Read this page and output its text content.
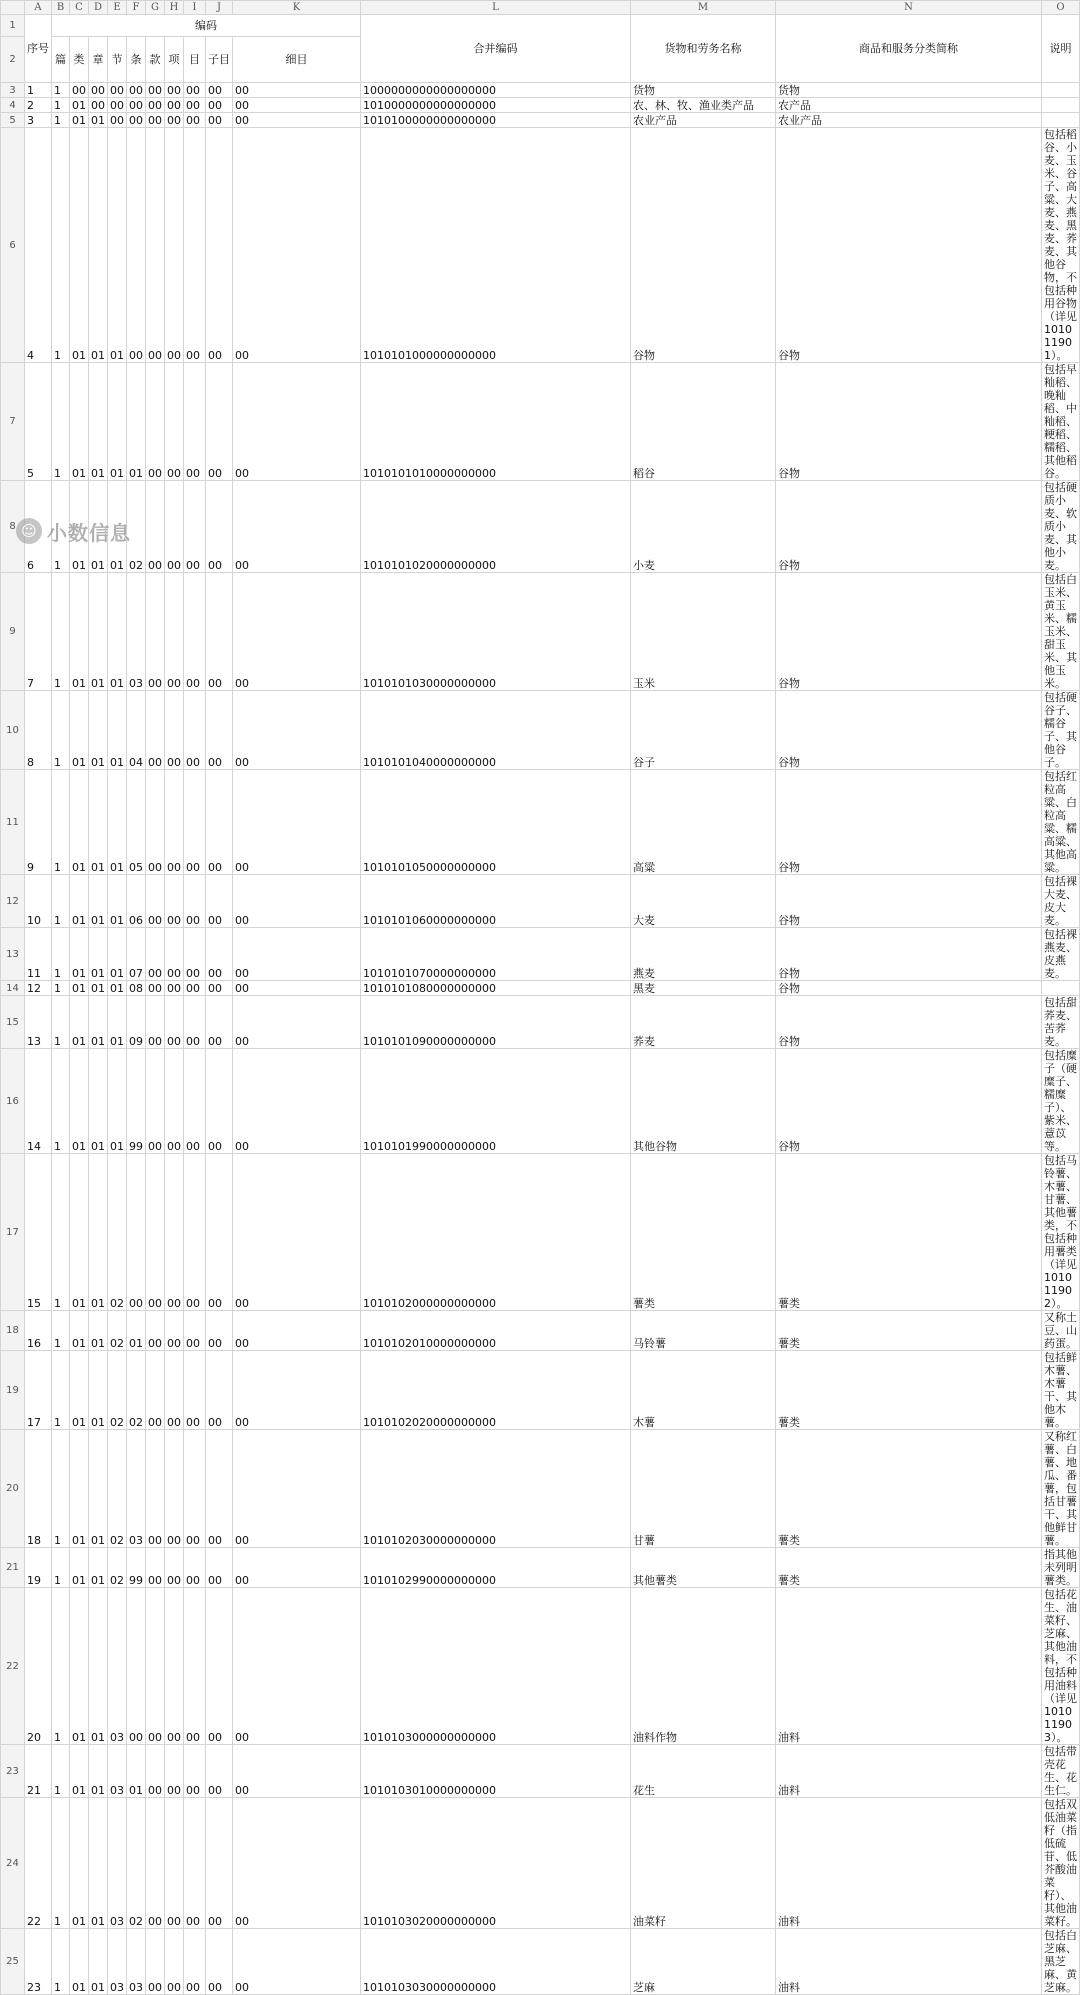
	A	B	C	D	E	F	G	H	I	J	K	L	M	N	O
1	序号	编码										合并编码	货物和劳务名称	商品和服务分类简称	说明
2		篇	类	章	节	条	款	项	目	子目	细目				
3	1	1	00	00	00	00	00	00	00	00	00	1000000000000000000	货物	货物	
4	2	1	01	00	00	00	00	00	00	00	00	1010000000000000000	农、林、牧、渔业类产品	农产品	
5	3	1	01	01	00	00	00	00	00	00	00	1010100000000000000	农业产品	农业产品	
6	4	1	01	01	01	00	00	00	00	00	00	1010101000000000000	谷物	谷物	包括稻谷、小麦、玉米、谷子、高粱、大麦、燕麦、黑麦、荞麦、其他谷物，不包括种用谷物（详见101011901）。
7	5	1	01	01	01	01	00	00	00	00	00	1010101010000000000	稻谷	谷物	包括早籼稻、晚籼稻、中籼稻、粳稻、糯稻、其他稻谷。
8	6	1	01	01	01	02	00	00	00	00	00	1010101020000000000	小麦	谷物	包括硬质小麦、软质小麦、其他小麦。
9	7	1	01	01	01	03	00	00	00	00	00	1010101030000000000	玉米	谷物	包括白玉米、黄玉米、糯玉米、甜玉米、其他玉米。
10	8	1	01	01	01	04	00	00	00	00	00	1010101040000000000	谷子	谷物	包括硬谷子、糯谷子、其他谷子。
11	9	1	01	01	01	05	00	00	00	00	00	1010101050000000000	高粱	谷物	包括红粒高粱、白粒高粱、糯高粱、其他高粱。
12	10	1	01	01	01	06	00	00	00	00	00	1010101060000000000	大麦	谷物	包括裸大麦、皮大麦。
13	11	1	01	01	01	07	00	00	00	00	00	1010101070000000000	燕麦	谷物	包括裸燕麦、皮燕麦。
14	12	1	01	01	01	08	00	00	00	00	00	1010101080000000000	黑麦	谷物	
15	13	1	01	01	01	09	00	00	00	00	00	1010101090000000000	荞麦	谷物	包括甜荞麦、苦荞麦。
16	14	1	01	01	01	99	00	00	00	00	00	1010101990000000000	其他谷物	谷物	包括糜子（硬糜子、糯糜子）、紫米、薏苡等。
17	15	1	01	01	02	00	00	00	00	00	00	1010102000000000000	薯类	薯类	包括马铃薯、木薯、甘薯、其他薯类，不包括种用薯类（详见101011902）。
18	16	1	01	01	02	01	00	00	00	00	00	1010102010000000000	马铃薯	薯类	又称土豆、山药蛋。
19	17	1	01	01	02	02	00	00	00	00	00	1010102020000000000	木薯	薯类	包括鲜木薯、木薯干、其他木薯。
20	18	1	01	01	02	03	00	00	00	00	00	1010102030000000000	甘薯	薯类	又称红薯、白薯、地瓜、番薯，包括甘薯干、其他鲜甘薯。
21	19	1	01	01	02	99	00	00	00	00	00	1010102990000000000	其他薯类	薯类	指其他未列明薯类。
22	20	1	01	01	03	00	00	00	00	00	00	1010103000000000000	油料作物	油料	包括花生、油菜籽、芝麻、其他油料，不包括种用油料（详见101011903）。
23	21	1	01	01	03	01	00	00	00	00	00	1010103010000000000	花生	油料	包括带壳花生、花生仁。
24	22	1	01	01	03	02	00	00	00	00	00	1010103020000000000	油菜籽	油料	包括双低油菜籽（指低硫苷、低芥酸油菜籽）、其他油菜籽。
25	23	1	01	01	03	03	00	00	00	00	00	1010103030000000000	芝麻	油料	包括白芝麻、黑芝麻、黄芝麻。
☺ 小数信息
